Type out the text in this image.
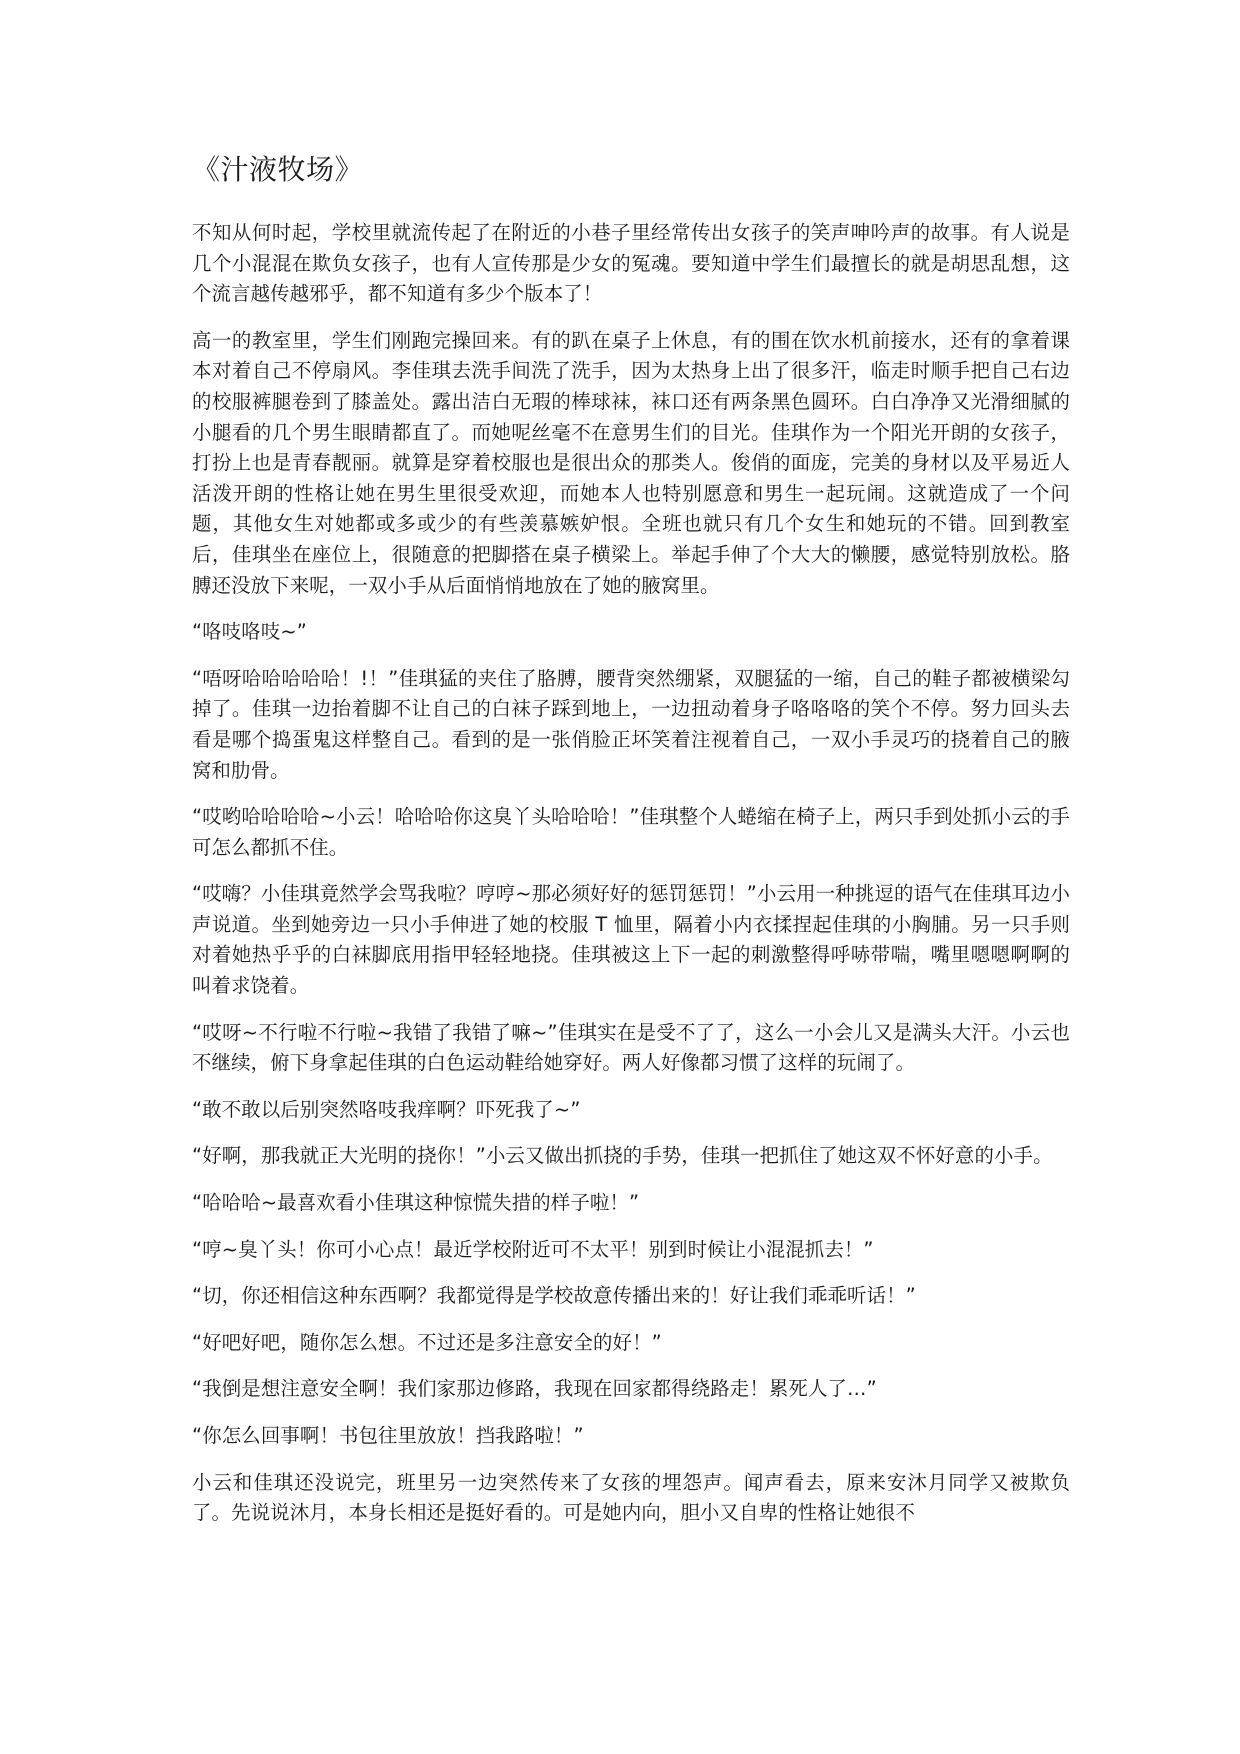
《汁液牧场》

不知从何时起，学校里就流传起了在附近的小巷子里经常传出女孩子的笑声呻吟声的故事。有人说是几个小混混在欺负女孩子，也有人宣传那是少女的冤魂。要知道中学生们最擅长的就是胡思乱想，这个流言越传越邪乎，都不知道有多少个版本了！

高一的教室里，学生们刚跑完操回来。有的趴在桌子上休息，有的围在饮水机前接水，还有的拿着课本对着自己不停扇风。李佳琪去洗手间洗了洗手，因为太热身上出了很多汗，临走时顺手把自己右边的校服裤腿卷到了膝盖处。露出洁白无瑕的棒球袜，袜口还有两条黑色圆环。白白净净又光滑细腻的小腿看的几个男生眼睛都直了。而她呢丝毫不在意男生们的目光。佳琪作为一个阳光开朗的女孩子，打扮上也是青春靓丽。就算是穿着校服也是很出众的那类人。俊俏的面庞，完美的身材以及平易近人活泼开朗的性格让她在男生里很受欢迎，而她本人也特别愿意和男生一起玩闹。这就造成了一个问题，其他女生对她都或多或少的有些羡慕嫉妒恨。全班也就只有几个女生和她玩的不错。回到教室后，佳琪坐在座位上，很随意的把脚搭在桌子横梁上。举起手伸了个大大的懒腰，感觉特别放松。胳膊还没放下来呢，一双小手从后面悄悄地放在了她的腋窝里。

“咯吱咯吱~”

“唔呀哈哈哈哈哈！!！”佳琪猛的夹住了胳膊，腰背突然绷紧，双腿猛的一缩，自己的鞋子都被横梁勾掉了。佳琪一边抬着脚不让自己的白袜子踩到地上，一边扭动着身子咯咯咯的笑个不停。努力回头去看是哪个捣蛋鬼这样整自己。看到的是一张俏脸正坏笑着注视着自己，一双小手灵巧的挠着自己的腋窝和肋骨。

“哎哟哈哈哈哈~小云！哈哈哈你这臭丫头哈哈哈！”佳琪整个人蜷缩在椅子上，两只手到处抓小云的手可怎么都抓不住。

“哎嗨？小佳琪竟然学会骂我啦？哼哼~那必须好好的惩罚惩罚！”小云用一种挑逗的语气在佳琪耳边小声说道。坐到她旁边一只小手伸进了她的校服 T 恤里，隔着小内衣揉捏起佳琪的小胸脯。另一只手则对着她热乎乎的白袜脚底用指甲轻轻地挠。佳琪被这上下一起的刺激整得呼哧带喘，嘴里嗯嗯啊啊的叫着求饶着。

“哎呀~不行啦不行啦~我错了我错了嘛~”佳琪实在是受不了了，这么一小会儿又是满头大汗。小云也不继续，俯下身拿起佳琪的白色运动鞋给她穿好。两人好像都习惯了这样的玩闹了。

“敢不敢以后别突然咯吱我痒啊？吓死我了~”

“好啊，那我就正大光明的挠你！”小云又做出抓挠的手势，佳琪一把抓住了她这双不怀好意的小手。

“哈哈哈~最喜欢看小佳琪这种惊慌失措的样子啦！”

“哼~臭丫头！你可小心点！最近学校附近可不太平！别到时候让小混混抓去！”

“切，你还相信这种东西啊？我都觉得是学校故意传播出来的！好让我们乖乖听话！”

“好吧好吧，随你怎么想。不过还是多注意安全的好！”

“我倒是想注意安全啊！我们家那边修路，我现在回家都得绕路走！累死人了…”

“你怎么回事啊！书包往里放放！挡我路啦！”

小云和佳琪还没说完，班里另一边突然传来了女孩的埋怨声。闻声看去，原来安沐月同学又被欺负了。先说说沐月，本身长相还是挺好看的。可是她内向，胆小又自卑的性格让她很不
